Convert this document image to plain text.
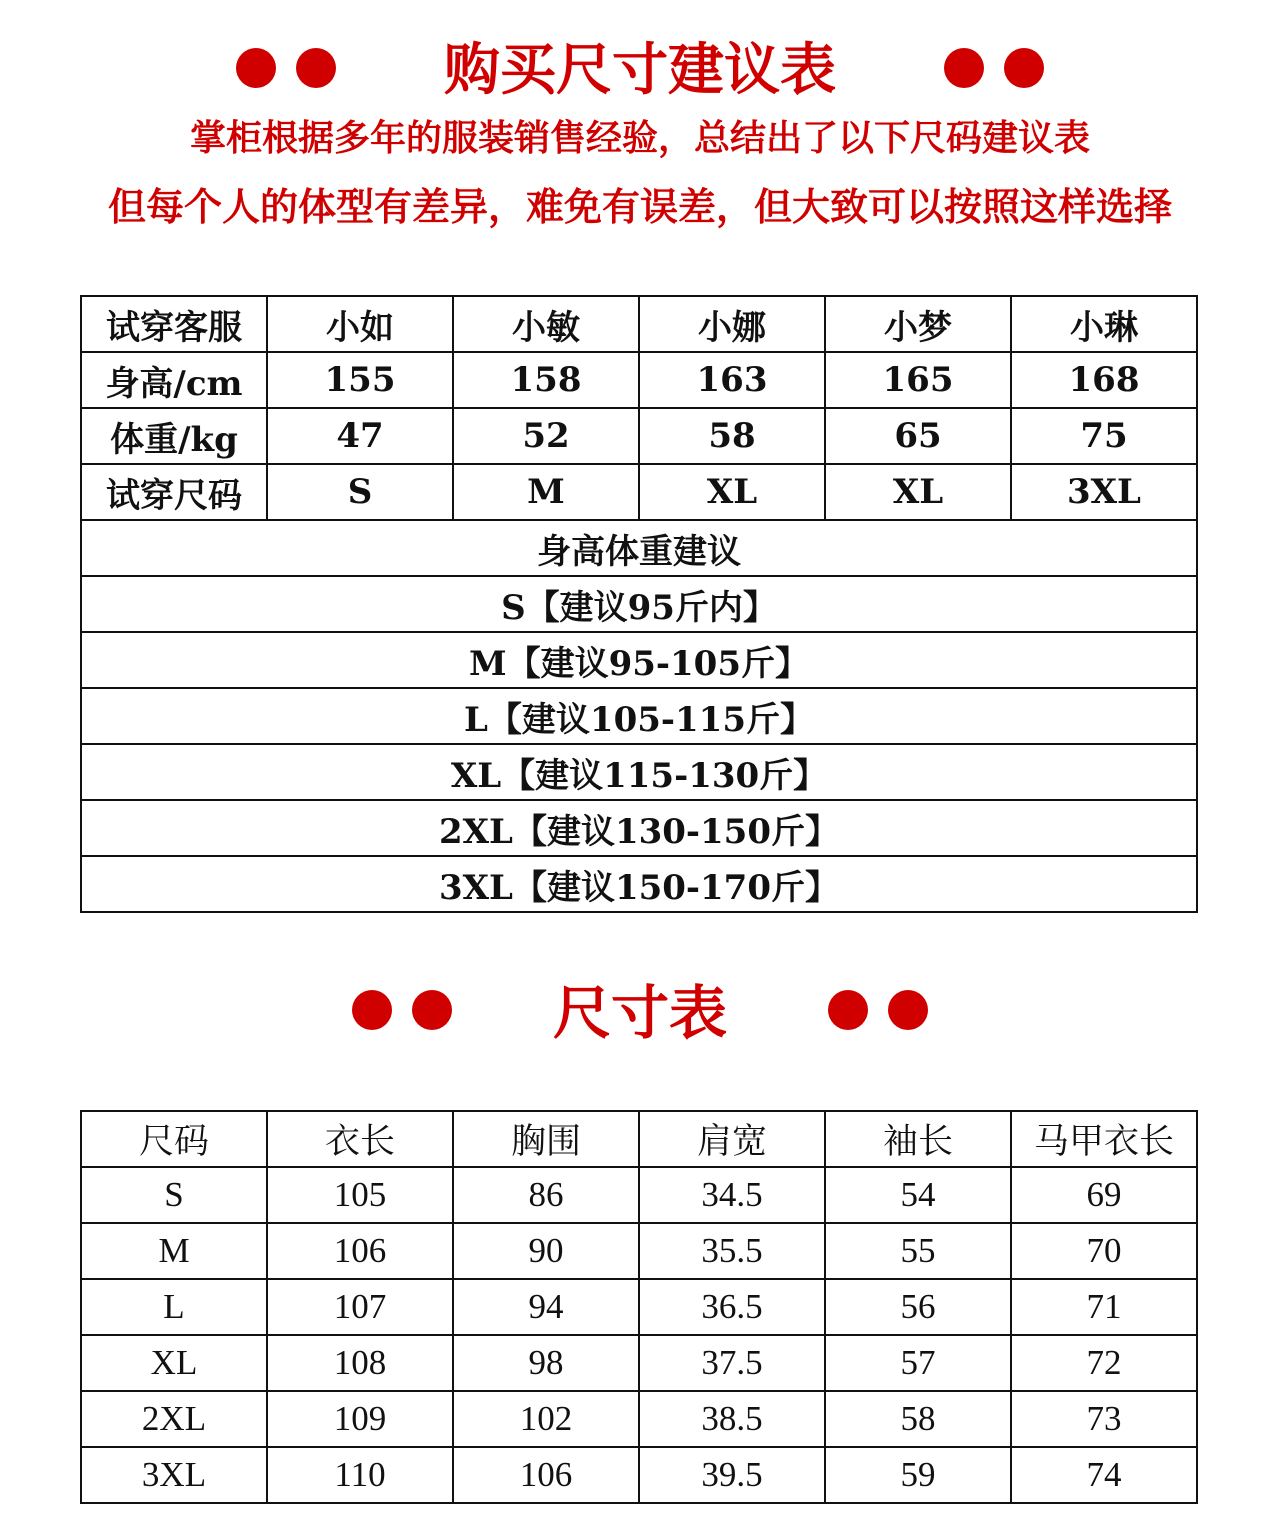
购买尺寸建议表
掌柜根据多年的服装销售经验，总结出了以下尺码建议表
但每个人的体型有差异，难免有误差，但大致可以按照这样选择
试穿客服	小如	小敏	小娜	小梦	小琳
身高/cm	155	158	163	165	168
体重/kg	47	52	58	65	75
试穿尺码	S	M	XL	XL	3XL
身高体重建议					
S【建议95斤内】					
M【建议95-105斤】					
L【建议105-115斤】					
XL【建议115-130斤】					
2XL【建议130-150斤】					
3XL【建议150-170斤】					
尺寸表
尺码	衣长	胸围	肩宽	袖长	马甲衣长
S	105	86	34.5	54	69
M	106	90	35.5	55	70
L	107	94	36.5	56	71
XL	108	98	37.5	57	72
2XL	109	102	38.5	58	73
3XL	110	106	39.5	59	74
